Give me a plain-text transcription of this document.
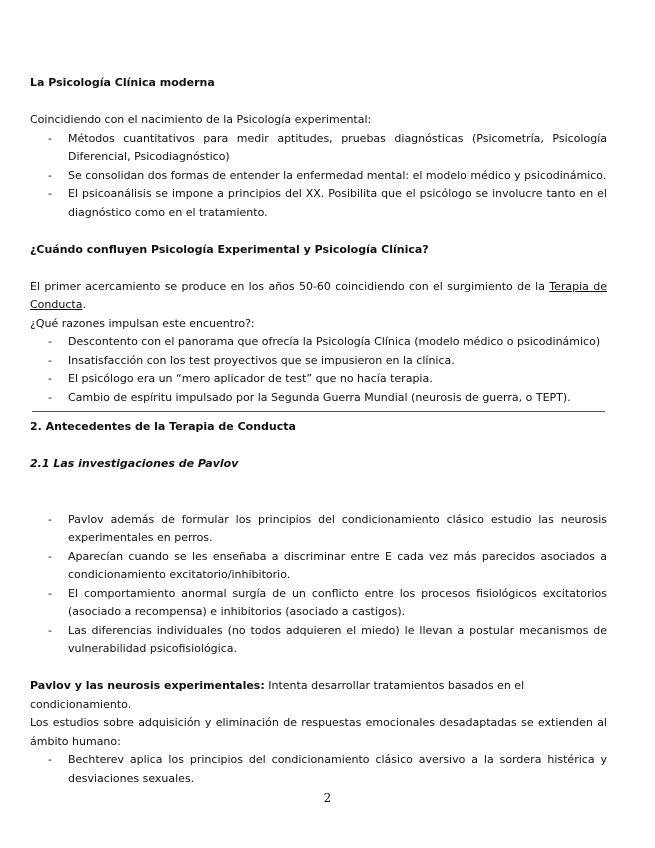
La Psicología Clínica moderna

Coincidiendo con el nacimiento de la Psicología experimental:

- Métodos cuantitativos para medir aptitudes, pruebas diagnósticas (Psicometría, Psicología Diferencial, Psicodiagnóstico)
- Se consolidan dos formas de entender la enfermedad mental: el modelo médico y psicodinámico.
- El psicoanálisis se impone a principios del XX. Posibilita que el psicólogo se involucre tanto en el diagnóstico como en el tratamiento.

¿Cuándo confluyen Psicología Experimental y Psicología Clínica?

El primer acercamiento se produce en los años 50-60 coincidiendo con el surgimiento de la Terapia de Conducta.

¿Qué razones impulsan este encuentro?:

- Descontento con el panorama que ofrecía la Psicología Clínica (modelo médico o psicodinámico)
- Insatisfacción con los test proyectivos que se impusieron en la clínica.
- El psicólogo era un “mero aplicador de test” que no hacía terapia.
- Cambio de espíritu impulsado por la Segunda Guerra Mundial (neurosis de guerra, o TEPT).

2. Antecedentes de la Terapia de Conducta

2.1 Las investigaciones de Pavlov

- Pavlov además de formular los principios del condicionamiento clásico estudio las neurosis experimentales en perros.
- Aparecían cuando se les enseñaba a discriminar entre E cada vez más parecidos asociados a condicionamiento excitatorio/inhibitorio.
- El comportamiento anormal surgía de un conflicto entre los procesos fisiológicos excitatorios (asociado a recompensa) e inhibitorios (asociado a castigos).
- Las diferencias individuales (no todos adquieren el miedo) le llevan a postular mecanismos de vulnerabilidad psicofisiológica.

Pavlov y las neurosis experimentales: Intenta desarrollar tratamientos basados en el condicionamiento.

Los estudios sobre adquisición y eliminación de respuestas emocionales desadaptadas se extienden al ámbito humano:

- Bechterev aplica los principios del condicionamiento clásico aversivo a la sordera histérica y desviaciones sexuales.
2
